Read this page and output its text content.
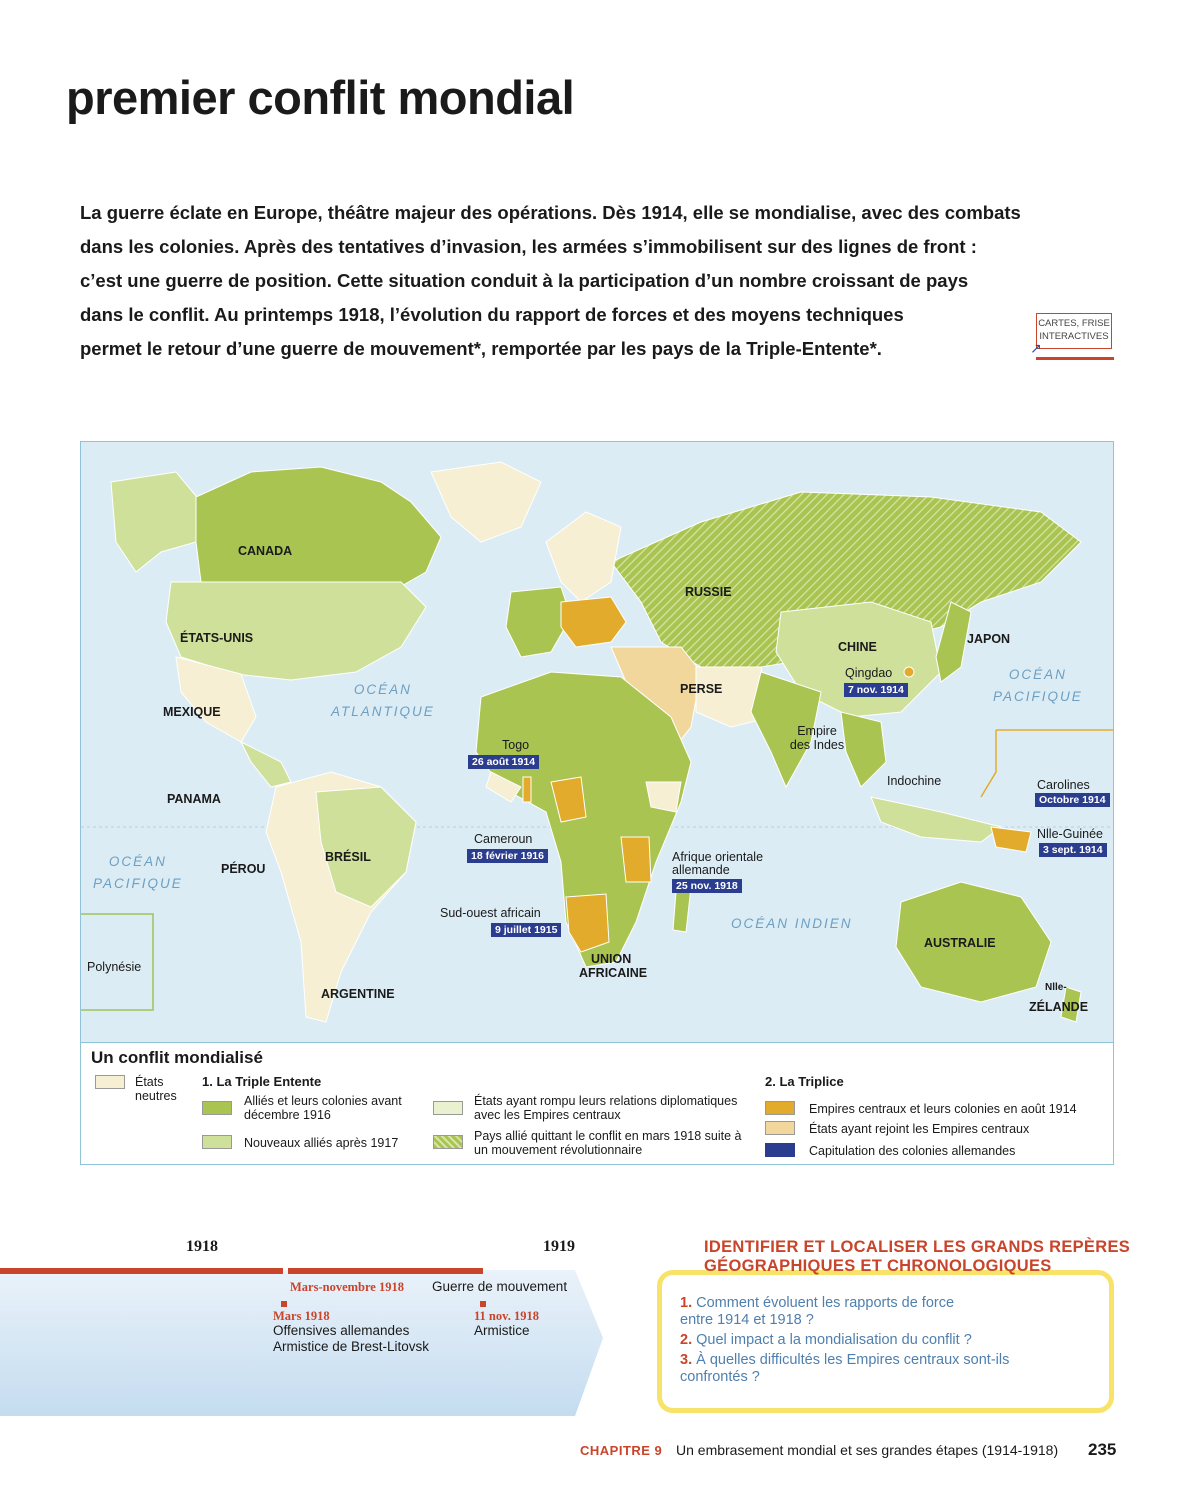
premier conflit mondial
La guerre éclate en Europe, théâtre majeur des opérations. Dès 1914, elle se mondialise, avec des combats
dans les colonies. Après des tentatives d’invasion, les armées s’immobilisent sur des lignes de front :
c’est une guerre de position. Cette situation conduit à la participation d’un nombre croissant de pays
dans le conflit. Au printemps 1918, l’évolution du rapport de forces et des moyens techniques
permet le retour d’une guerre de mouvement*, remportée par les pays de la Triple-Entente*.
CARTES, FRISE
INTERACTIVES
↗
CANADA
ÉTATS-UNIS
MEXIQUE
PANAMA
PÉROU
BRÉSIL
ARGENTINE
Polynésie
RUSSIE
CHINE
JAPON
PERSE
Empire des Indes
Indochine
AUSTRALIE
Nlle-
ZÉLANDE
UNION
AFRICAINE
Qingdao
7 nov. 1914
Togo
26 août 1914
Cameroun
18 février 1916	Afrique orientale
allemande
25 nov. 1918
Sud-ouest africain
9 juillet 1915
Carolines
Octobre 1914
Nlle-Guinée
3 sept. 1914
OCÉAN
ATLANTIQUE
OCÉAN
PACIFIQUE
OCÉAN
PACIFIQUE
OCÉAN INDIEN
Un conflit mondialisé
États neutres
1. La Triple Entente
Alliés et leurs colonies avant décembre 1916
Nouveaux alliés après 1917
États ayant rompu leurs relations diplomatiques avec les Empires centraux
Pays allié quittant le conflit en mars 1918 suite à un mouvement révolutionnaire
2. La Triplice
Empires centraux et leurs colonies en août 1914
États ayant rejoint les Empires centraux
Capitulation des colonies allemandes
1918	1919
Mars-novembre 1918 Guerre de mouvement
Mars 1918
Offensives allemandes
Armistice de Brest-Litovsk
11 nov. 1918
Armistice
IDENTIFIER ET LOCALISER LES GRANDS REPÈRES
GÉOGRAPHIQUES ET CHRONOLOGIQUES
1. Comment évoluent les rapports de force
entre 1914 et 1918 ?
2. Quel impact a la mondialisation du conflit ?
3. À quelles difficultés les Empires centraux sont-ils
confrontés ?
CHAPITRE 9 Un embrasement mondial et ses grandes étapes (1914-1918) 235
